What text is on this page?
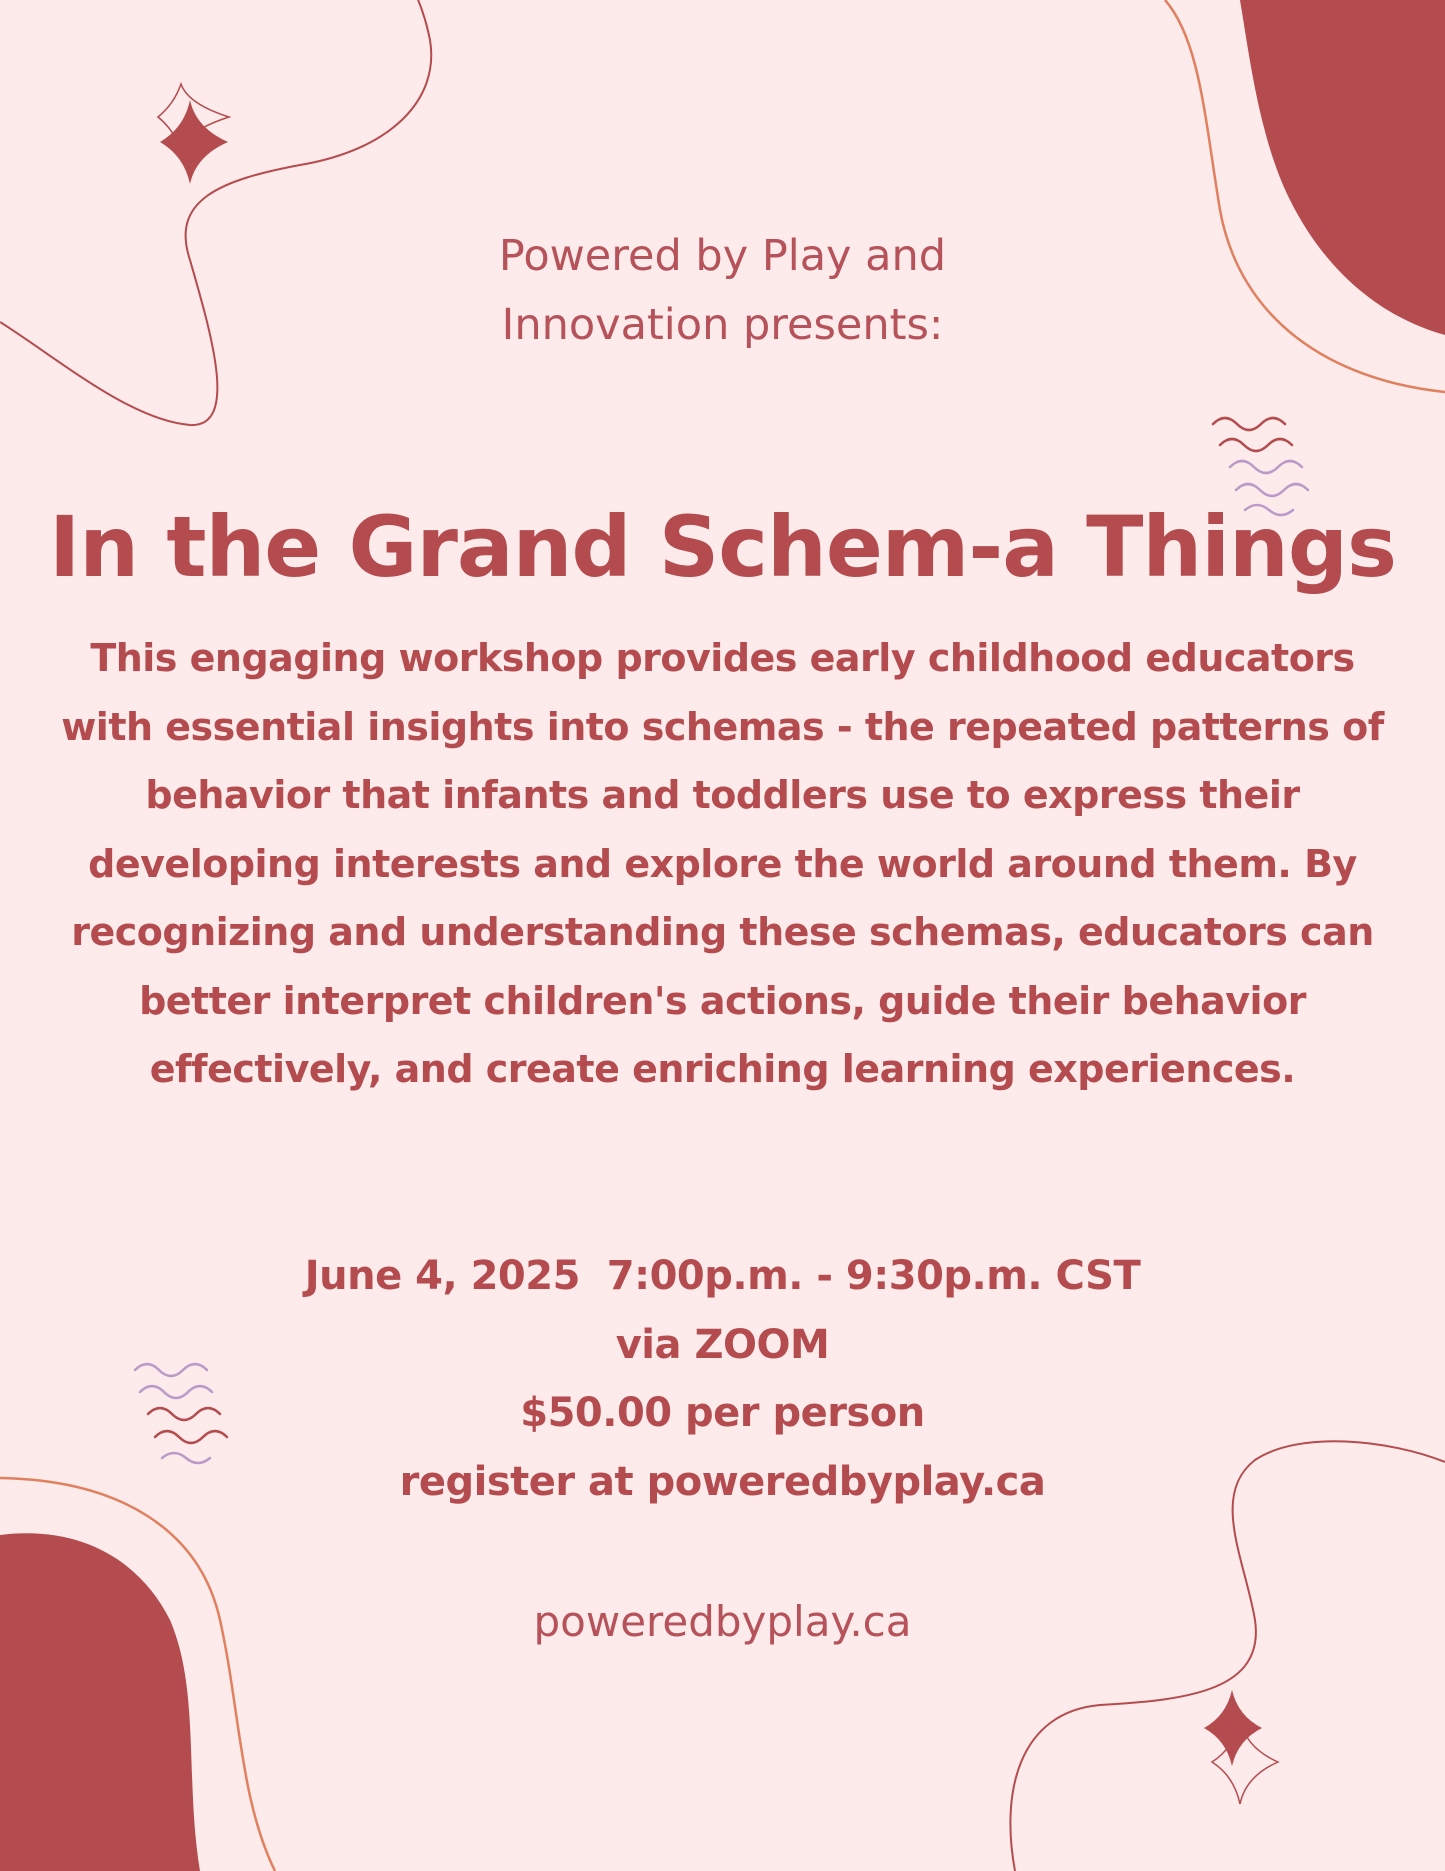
Powered by Play and
Innovation presents:
In the Grand Schem-a Things
This engaging workshop provides early childhood educators with essential insights into schemas - the repeated patterns of behavior that infants and toddlers use to express their developing interests and explore the world around them. By recognizing and understanding these schemas, educators can better interpret children's actions, guide their behavior effectively, and create enriching learning experiences.
June 4, 2025  7:00p.m. - 9:30p.m. CST
via ZOOM
$50.00 per person
register at poweredbyplay.ca
poweredbyplay.ca
